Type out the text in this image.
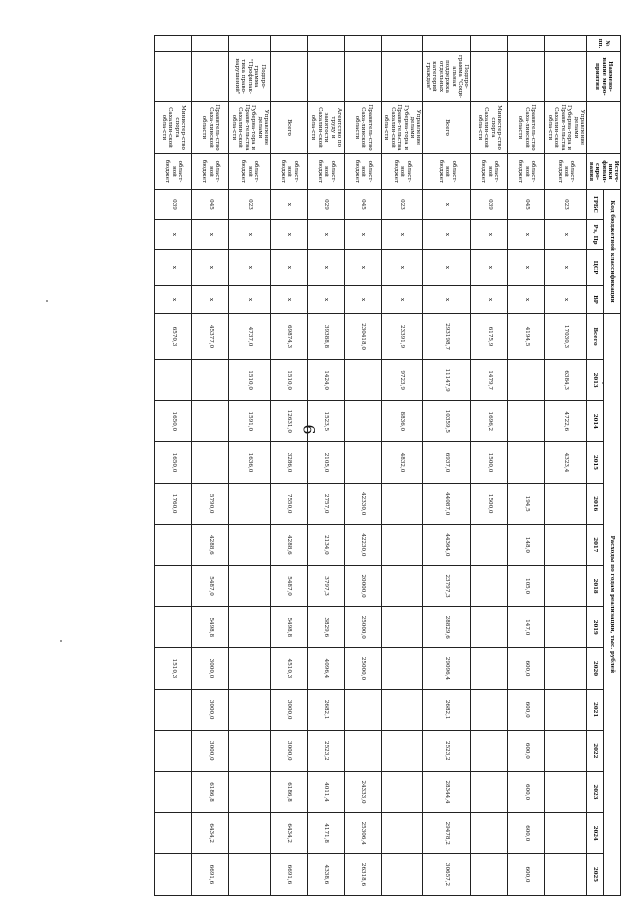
6
№ пп.	Наимено-вание меро-приятия		Источ-ники финан-сиро-вания	Код бюджетной классификации				Расходы по годам реализации, тыс. рублей													
				ГРБС	Рз, Пр	ЦСР	ВР	Всего	2013	2014	2015	2016	2017	2018	2019	2020	2021	2022	2023	2024	2025
		Управление делами Губерна-тора и Прави-тельства Сахалин-ской обла-сти	област-ной бюджет	023	х	х	х	17030,3	6384,3	4722,6	4323,4										
		Правитель-ство Саха-линской области	област-ной бюджет	045	х	х	х	4194,5				194,5	148,0	105,0	147,0	600,0	600,0	600,0	600,0	600,0	600,0
		Министер-ство спорта Сахалин-ской обла-сти	област-ной бюджет	039	х	х	х	6175,9	1479,7	1696,2	1500,0	1500,0									
	Подпро-грамма "Соци-альная поддержка отдельных категорий граждан"	Всего	област-ной бюджет	х	х	х	х	293198,7	11147,9	10359,5	6937,0	44087,0	44364,0	23797,3	28829,6	29096,4	2682,1	2523,2	28344,4	29478,2	30657,2
		Управление делами Губерна-тора и Прави-тельства Сахалин-ской обла-сти	област-ной бюджет	023	х	х	х	23391,9	9723,9	8836,0	4832,0										
		Правитель-ство Саха-линской области	област-ной бюджет	045	х	х	х	230418,0				42330,0	42230,0	20000,0	25000,0	25000,0			24333,0	25306,4	26318,6
		Агентство по труду и занятости Сахалин-ской обла-сти	област-ной бюджет	029	х	х	х	39388,8	1424,0	1523,5	2105,0	2757,0	2134,0	3797,3	3829,6	4096,4	2682,1	2523,2	4011,4	4171,8	4338,6
		Всего	област-ной бюджет	х	х	х	х	69874,3	1510,0	12631,0	3286,0	7550,0	4288,6	5487,0	5498,8	4510,3	3000,0	3000,0	6186,8	6434,2	6691,6
	Подпро-грамма "Профилак-тика право-нарушений"	Управление делами Губерна-тора и Прави-тельства Сахалин-ской обла-сти	област-ной бюджет	023	х	х	х	4737,0	1510,0	1591,0	1636,0										
		Правитель-ство Саха-линской области	област-ной бюджет	045	х	х	х	45377,0				5790,0	4288,6	5487,0	5498,8	3000,0	3000,0	3000,0	6186,8	6434,2	6691,6
		Министер-ство спорта Сахалин-ской обла-сти	област-ной бюджет	039	х	х	х	6570,3		1650,0	1650,0	1760,0				1510,3					
